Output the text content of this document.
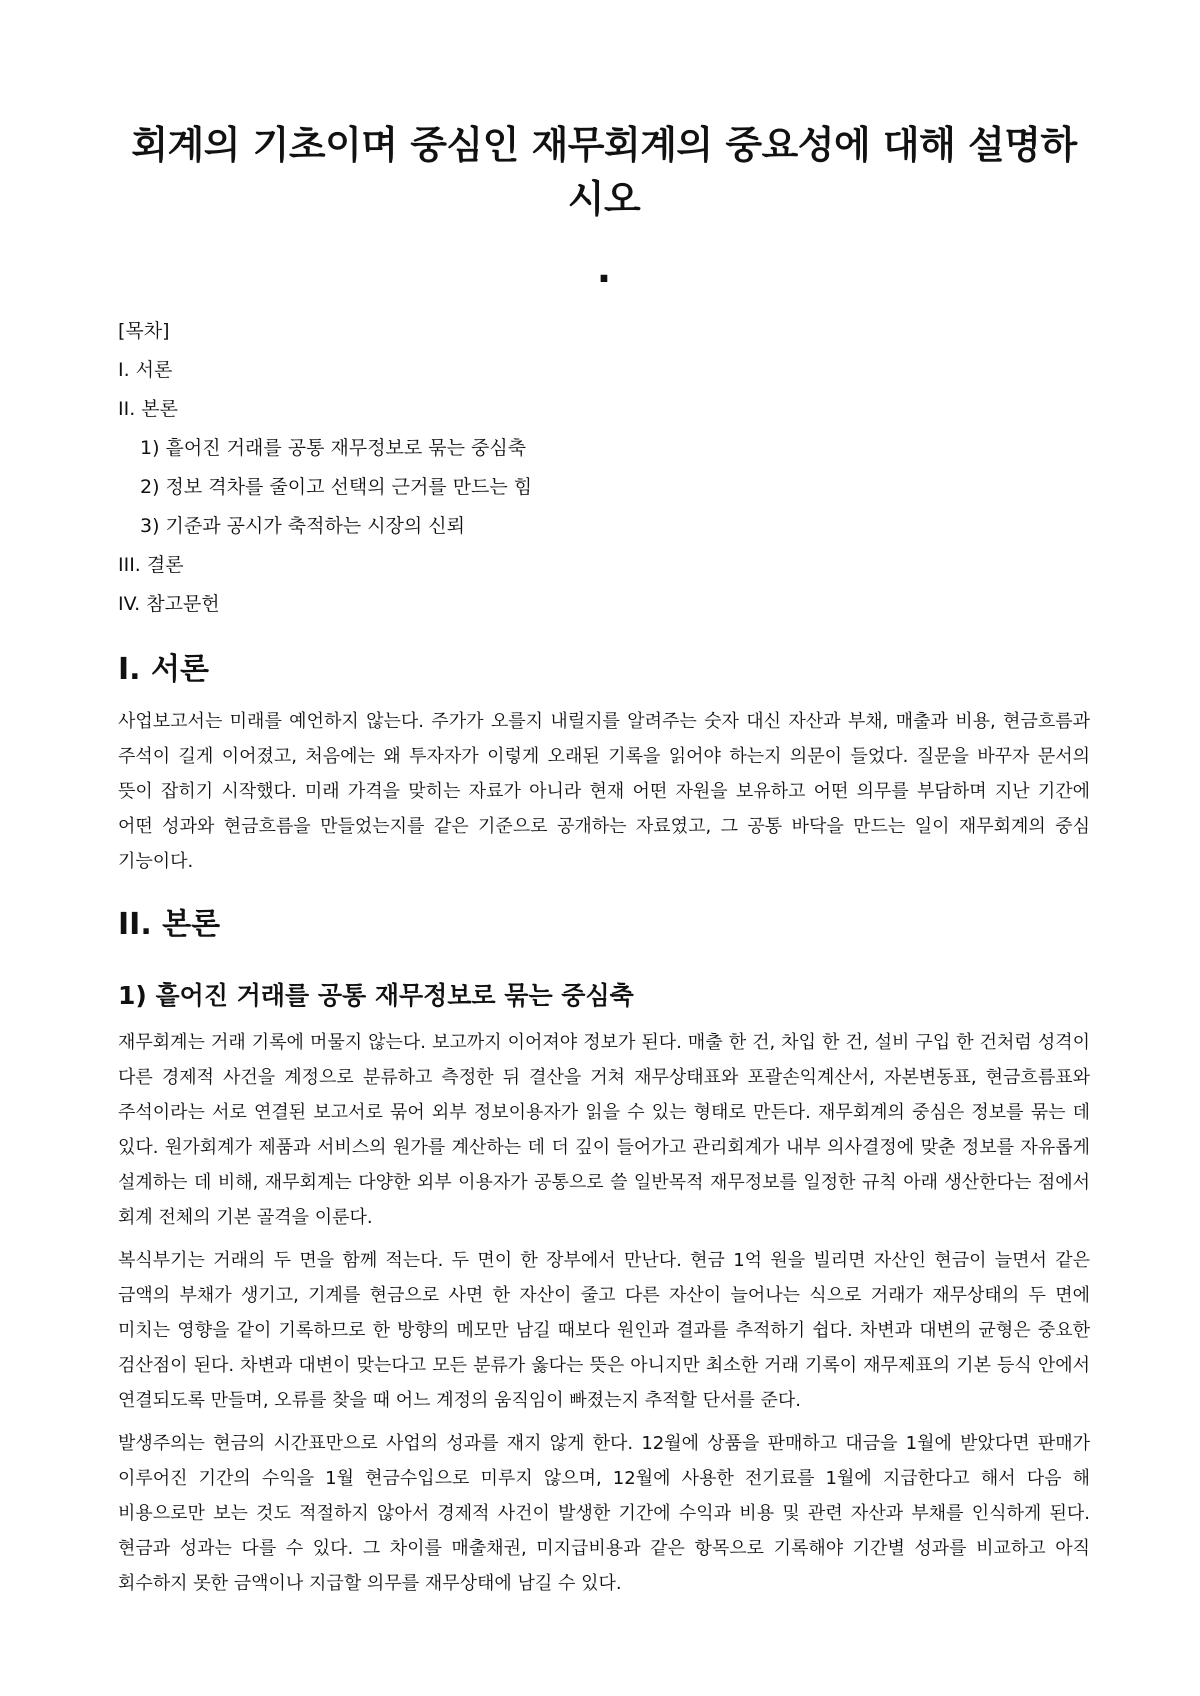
회계의 기초이며 중심인 재무회계의 중요성에 대해 설명하시오
.
[목차]
I. 서론
II. 본론
1) 흩어진 거래를 공통 재무정보로 묶는 중심축
2) 정보 격차를 줄이고 선택의 근거를 만드는 힘
3) 기준과 공시가 축적하는 시장의 신뢰
III. 결론
IV. 참고문헌
I. 서론

사업보고서는 미래를 예언하지 않는다. 주가가 오를지 내릴지를 알려주는 숫자 대신 자산과 부채, 매출과 비용, 현금흐름과 주석이 길게 이어졌고, 처음에는 왜 투자자가 이렇게 오래된 기록을 읽어야 하는지 의문이 들었다. 질문을 바꾸자 문서의 뜻이 잡히기 시작했다. 미래 가격을 맞히는 자료가 아니라 현재 어떤 자원을 보유하고 어떤 의무를 부담하며 지난 기간에 어떤 성과와 현금흐름을 만들었는지를 같은 기준으로 공개하는 자료였고, 그 공통 바닥을 만드는 일이 재무회계의 중심 기능이다.

II. 본론
1) 흩어진 거래를 공통 재무정보로 묶는 중심축

재무회계는 거래 기록에 머물지 않는다. 보고까지 이어져야 정보가 된다. 매출 한 건, 차입 한 건, 설비 구입 한 건처럼 성격이 다른 경제적 사건을 계정으로 분류하고 측정한 뒤 결산을 거쳐 재무상태표와 포괄손익계산서, 자본변동표, 현금흐름표와 주석이라는 서로 연결된 보고서로 묶어 외부 정보이용자가 읽을 수 있는 형태로 만든다. 재무회계의 중심은 정보를 묶는 데 있다. 원가회계가 제품과 서비스의 원가를 계산하는 데 더 깊이 들어가고 관리회계가 내부 의사결정에 맞춘 정보를 자유롭게 설계하는 데 비해, 재무회계는 다양한 외부 이용자가 공통으로 쓸 일반목적 재무정보를 일정한 규칙 아래 생산한다는 점에서 회계 전체의 기본 골격을 이룬다.

복식부기는 거래의 두 면을 함께 적는다. 두 면이 한 장부에서 만난다. 현금 1억 원을 빌리면 자산인 현금이 늘면서 같은 금액의 부채가 생기고, 기계를 현금으로 사면 한 자산이 줄고 다른 자산이 늘어나는 식으로 거래가 재무상태의 두 면에 미치는 영향을 같이 기록하므로 한 방향의 메모만 남길 때보다 원인과 결과를 추적하기 쉽다. 차변과 대변의 균형은 중요한 검산점이 된다. 차변과 대변이 맞는다고 모든 분류가 옳다는 뜻은 아니지만 최소한 거래 기록이 재무제표의 기본 등식 안에서 연결되도록 만들며, 오류를 찾을 때 어느 계정의 움직임이 빠졌는지 추적할 단서를 준다.

발생주의는 현금의 시간표만으로 사업의 성과를 재지 않게 한다. 12월에 상품을 판매하고 대금을 1월에 받았다면 판매가 이루어진 기간의 수익을 1월 현금수입으로 미루지 않으며, 12월에 사용한 전기료를 1월에 지급한다고 해서 다음 해 비용으로만 보는 것도 적절하지 않아서 경제적 사건이 발생한 기간에 수익과 비용 및 관련 자산과 부채를 인식하게 된다. 현금과 성과는 다를 수 있다. 그 차이를 매출채권, 미지급비용과 같은 항목으로 기록해야 기간별 성과를 비교하고 아직 회수하지 못한 금액이나 지급할 의무를 재무상태에 남길 수 있다.
